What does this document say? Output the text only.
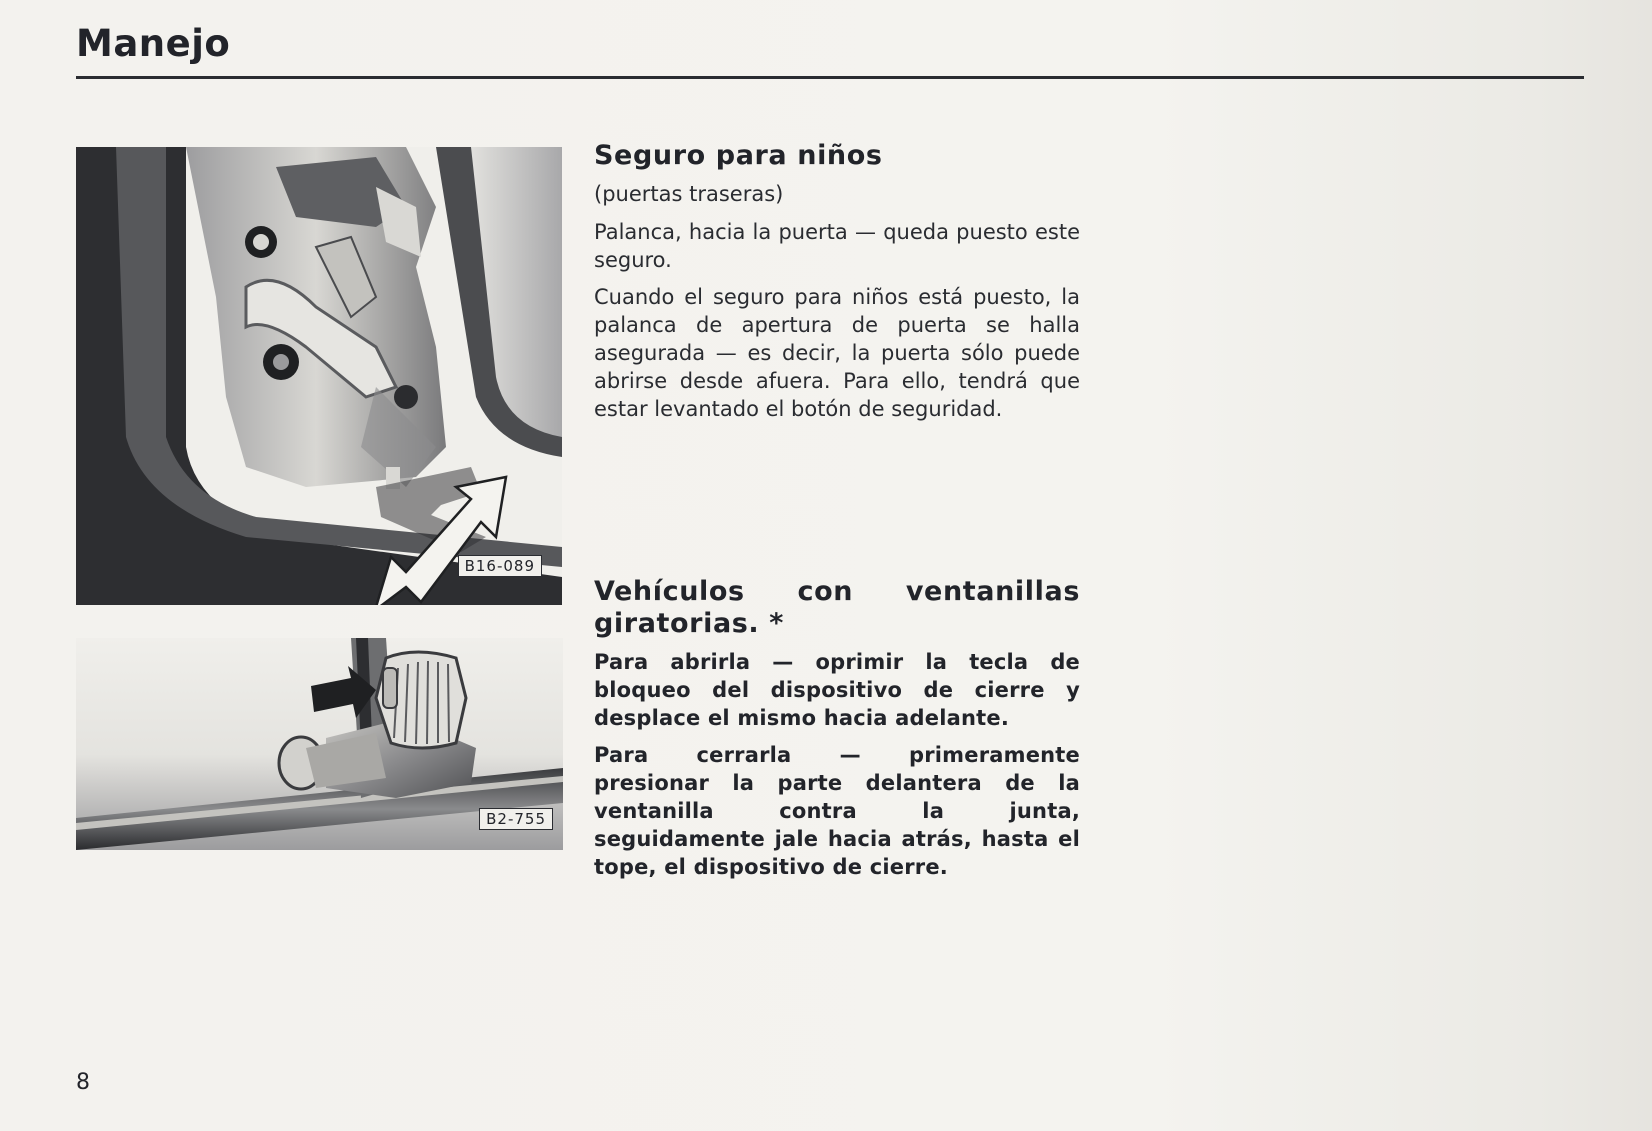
Manejo
B16-089
B2-755
Seguro para niños
(puertas traseras)

Palanca, hacia la puerta — queda puesto este seguro.

Cuando el seguro para niños está puesto, la palanca de apertura de puerta se halla asegurada — es decir, la puerta sólo puede abrirse desde afuera. Para ello, tendrá que estar levantado el botón de seguridad.

Vehículos con ventanillas giratorias. *

Para abrirla — oprimir la tecla de bloqueo del dispositivo de cierre y desplace el mismo hacia adelante.

Para cerrarla — primeramente presionar la parte delantera de la ventanilla contra la junta, seguidamente jale hacia atrás, hasta el tope, el dispositivo de cierre.

8
